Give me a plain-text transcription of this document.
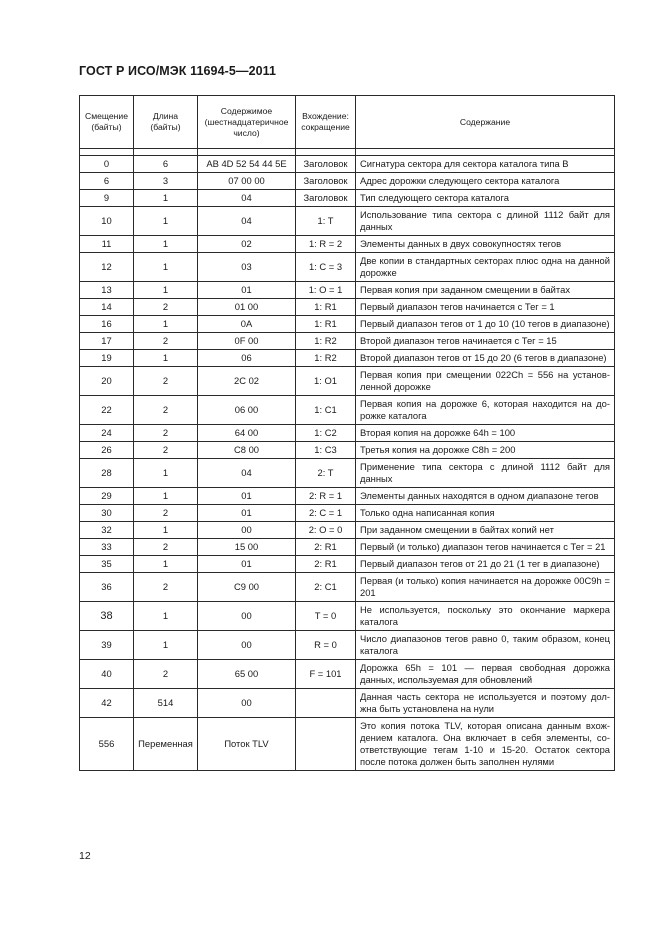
ГОСТ Р ИСО/МЭК 11694-5—2011
Смещение (байты)	Длина (байты)	Содержимое (шестнадцатеричное число)	Вхождение: сокращение	Содержание

0	6	AB 4D 52 54 44 5E	Заголовок	Сигнатура сектора для сектора каталога типа В
6	3	07 00 00	Заголовок	Адрес дорожки следующего сектора каталога
9	1	04	Заголовок	Тип следующего сектора каталога
10	1	04	1: T	Использование типа сектора с длиной 1112 байт для данных
11	1	02	1: R = 2	Элементы данных в двух совокупностях тегов
12	1	03	1: C = 3	Две копии в стандартных секторах плюс одна на данной дорожке
13	1	01	1: O = 1	Первая копия при заданном смещении в байтах
14	2	01 00	1: R1	Первый диапазон тегов начинается с Тег = 1
16	1	0A	1: R1	Первый диапазон тегов от 1 до 10 (10 тегов в диапазоне)
17	2	0F 00	1: R2	Второй диапазон тегов начинается с Тег = 15
19	1	06	1: R2	Второй диапазон тегов от 15 до 20 (6 тегов в диапазоне)
20	2	2C 02	1: O1	Первая копия при смещении 022Ch = 556 на установленной дорожке
22	2	06 00	1: C1	Первая копия на дорожке 6, которая находится на дорожке каталога
24	2	64 00	1: C2	Вторая копия на дорожке 64h = 100
26	2	C8 00	1: C3	Третья копия на дорожке C8h = 200
28	1	04	2: T	Применение типа сектора с длиной 1112 байт для данных
29	1	01	2: R = 1	Элементы данных находятся в одном диапазоне тегов
30	2	01	2: C = 1	Только одна написанная копия
32	1	00	2: O = 0	При заданном смещении в байтах копий нет
33	2	15 00	2: R1	Первый (и только) диапазон тегов начинается с Тег = 21
35	1	01	2: R1	Первый диапазон тегов от 21 до 21 (1 тег в диапазоне)
36	2	C9 00	2: C1	Первая (и только) копия начинается на дорожке 00C9h = 201
38	1	00	T = 0	Не используется, поскольку это окончание маркера каталога
39	1	00	R = 0	Число диапазонов тегов равно 0, таким образом, конец каталога
40	2	65 00	F = 101	Дорожка 65h = 101 — первая свободная дорожка данных, используемая для обновлений
42	514	00		Данная часть сектора не используется и поэтому должна быть установлена на нули
556	Переменная	Поток TLV		Это копия потока TLV, которая описана данным вхождением каталога. Она включает в себя элементы, соответствующие тегам 1-10 и 15-20. Остаток сектора после потока должен быть заполнен нулями
12
